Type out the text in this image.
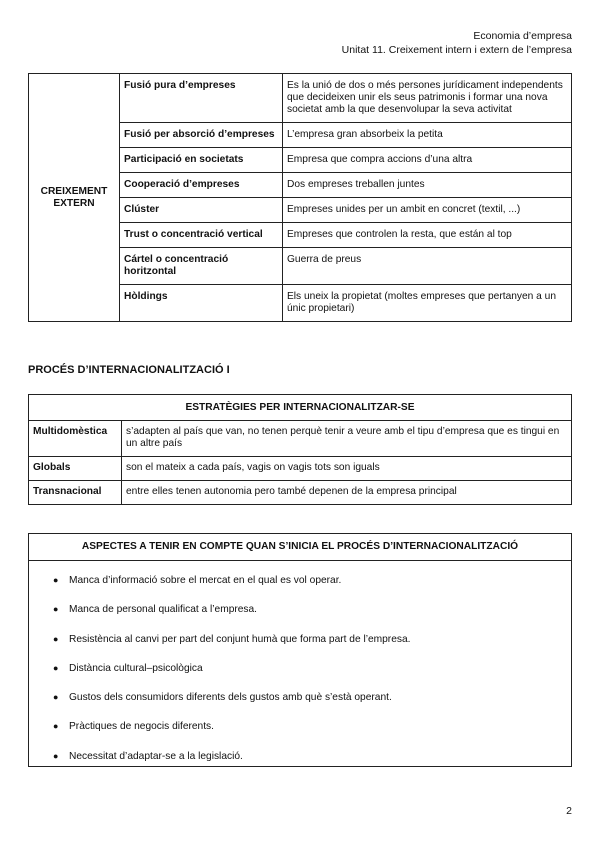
Economia d’empresa
Unitat 11. Creixement intern i extern de l’empresa
CREIXEMENT EXTERN	Fusió pura d’empreses	Es la unió de dos o més persones jurídicament independents que decideixen unir els seus patrimonis i formar una nova societat amb la que desenvolupar la seva activitat
	Fusió per absorció d’empreses	L’empresa gran absorbeix la petita
	Participació en societats	Empresa que compra accions d’una altra
	Cooperació d’empreses	Dos empreses treballen juntes
	Clúster	Empreses unides per un ambit en concret (textil, ...)
	Trust o concentració vertical	Empreses que controlen la resta, que están al top
	Cártel o concentració horitzontal	Guerra de preus
	Hòldings	Els uneix la propietat (moltes empreses que pertanyen a un únic propietari)
PROCÉS D’INTERNACIONALITZACIÓ I
ESTRATÈGIES PER INTERNACIONALITZAR-SE	
Multidomèstica	s’adapten al país que van, no tenen perquè tenir a veure amb el tipu d’empresa que es tingui en un altre país
Globals	son el mateix a cada país, vagis on vagis tots son iguals
Transnacional	entre elles tenen autonomia pero també depenen de la empresa principal
ASPECTES A TENIR EN COMPTE QUAN S’INICIA EL PROCÉS D’INTERNACIONALITZACIÓ
● Manca d’informació sobre el mercat en el qual es vol operar.
● Manca de personal qualificat a l’empresa.
● Resistència al canvi per part del conjunt humà que forma part de l’empresa.
● Distància cultural–psicològica
● Gustos dels consumidors diferents dels gustos amb què s’està operant.
● Pràctiques de negocis diferents.
● Necessitat d’adaptar-se a la legislació.
2
